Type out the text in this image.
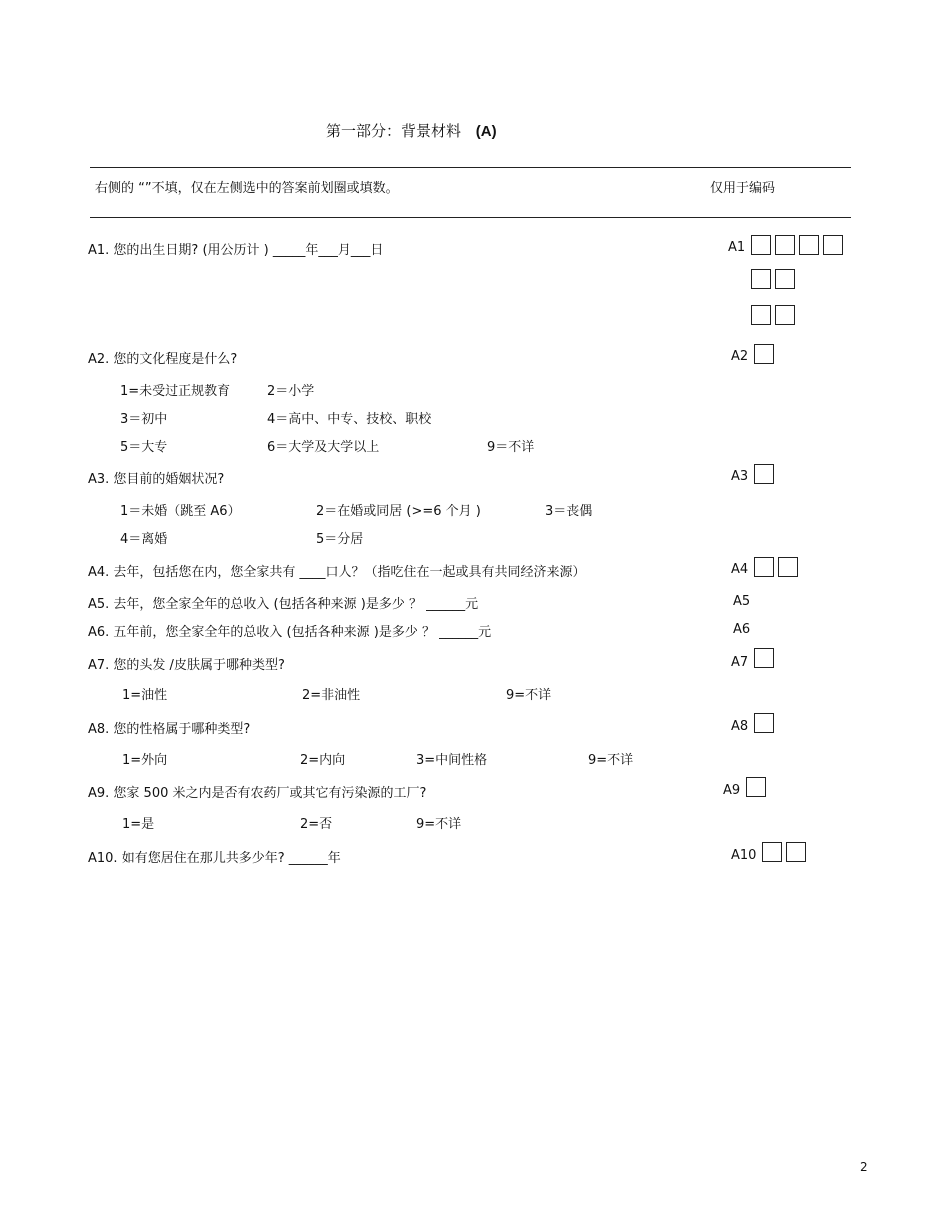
第一部分：背景材料 (A)
右侧的 “”不填，仅在左侧选中的答案前划圈或填数。	仅用于编码
A1. 您的出生日期? (用公历计 ) _____年___月___日	A1
A2. 您的文化程度是什么?	A2
1=未受过正规教育	2＝小学
3＝初中	4＝高中、中专、技校、职校
5＝大专	6＝大学及大学以上	9＝不详
A3. 您目前的婚姻状况?	A3
1＝未婚（跳至 A6）	2＝在婚或同居 (>=6 个月 )	3＝丧偶
4＝离婚	5＝分居
A4. 去年，包括您在内，您全家共有 ____口人？（指吃住在一起或具有共同经济来源）	A4
A5. 去年，您全家全年的总收入 (包括各种来源 )是多少 ？ ______元	A5
A6. 五年前，您全家全年的总收入 (包括各种来源 )是多少 ？ ______元	A6
A7. 您的头发 /皮肤属于哪种类型?	A7
1=油性	2=非油性	9=不详
A8. 您的性格属于哪种类型?	A8
1=外向	2=内向	3=中间性格	9=不详
A9. 您家 500 米之内是否有农药厂或其它有污染源的工厂?	A9
1=是	2=否	9=不详
A10. 如有您居住在那儿共多少年? ______年	A10
2
